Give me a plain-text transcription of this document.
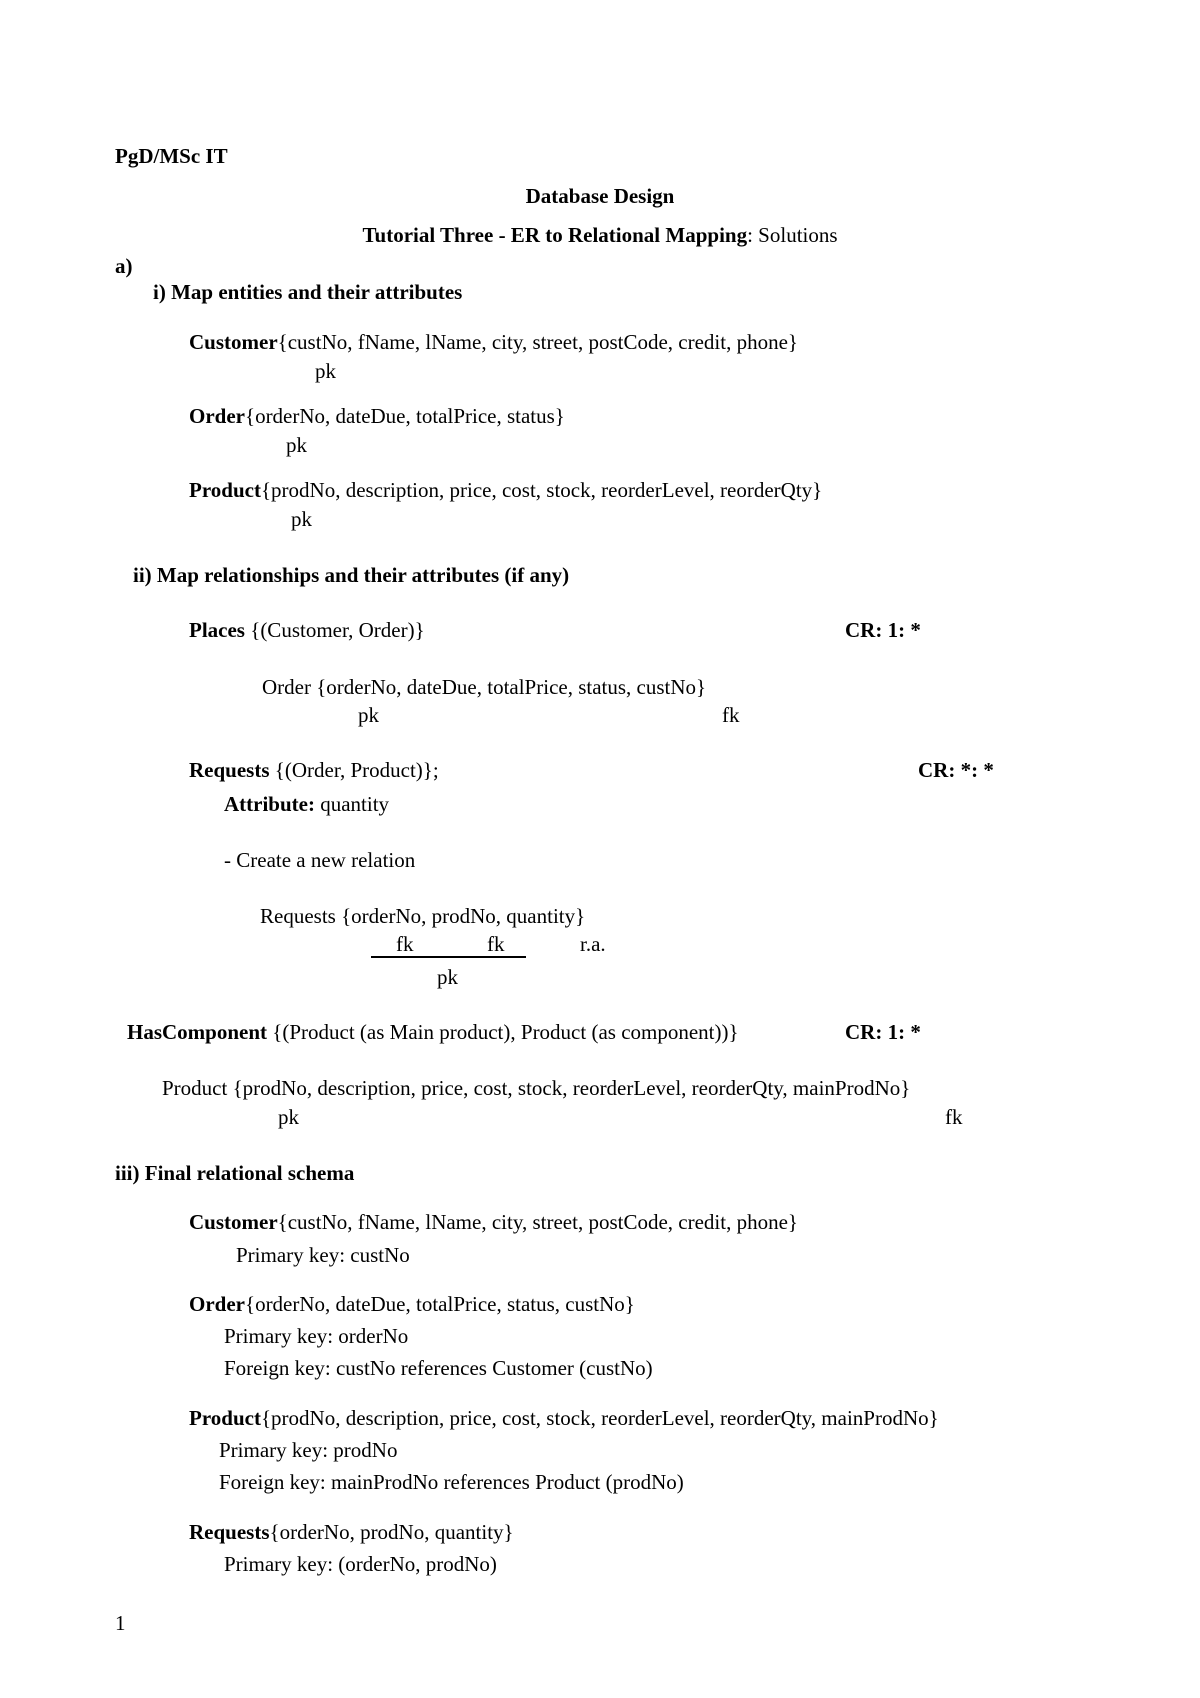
PgD/MSc IT
Database Design
Tutorial Three - ER to Relational Mapping: Solutions
a)
i) Map entities and their attributes
Customer{custNo, fName, lName, city, street, postCode, credit, phone}
pk
Order{orderNo, dateDue, totalPrice, status}
pk
Product{prodNo, description, price, cost, stock, reorderLevel, reorderQty}
pk
ii) Map relationships and their attributes (if any)
Places {(Customer, Order)}	CR: 1: *
Order {orderNo, dateDue, totalPrice, status, custNo}
pk	fk
Requests {(Order, Product)};	CR: *: *
Attribute: quantity
- Create a new relation
Requests {orderNo, prodNo, quantity}
fk	fk	r.a.
pk
HasComponent {(Product (as Main product), Product (as component))}	CR: 1: *
Product {prodNo, description, price, cost, stock, reorderLevel, reorderQty, mainProdNo}
pk	fk
iii) Final relational schema
Customer{custNo, fName, lName, city, street, postCode, credit, phone}
Primary key: custNo
Order{orderNo, dateDue, totalPrice, status, custNo}
Primary key: orderNo
Foreign key: custNo references Customer (custNo)
Product{prodNo, description, price, cost, stock, reorderLevel, reorderQty, mainProdNo}
Primary key: prodNo
Foreign key: mainProdNo references Product (prodNo)
Requests{orderNo, prodNo, quantity}
Primary key: (orderNo, prodNo)
1
